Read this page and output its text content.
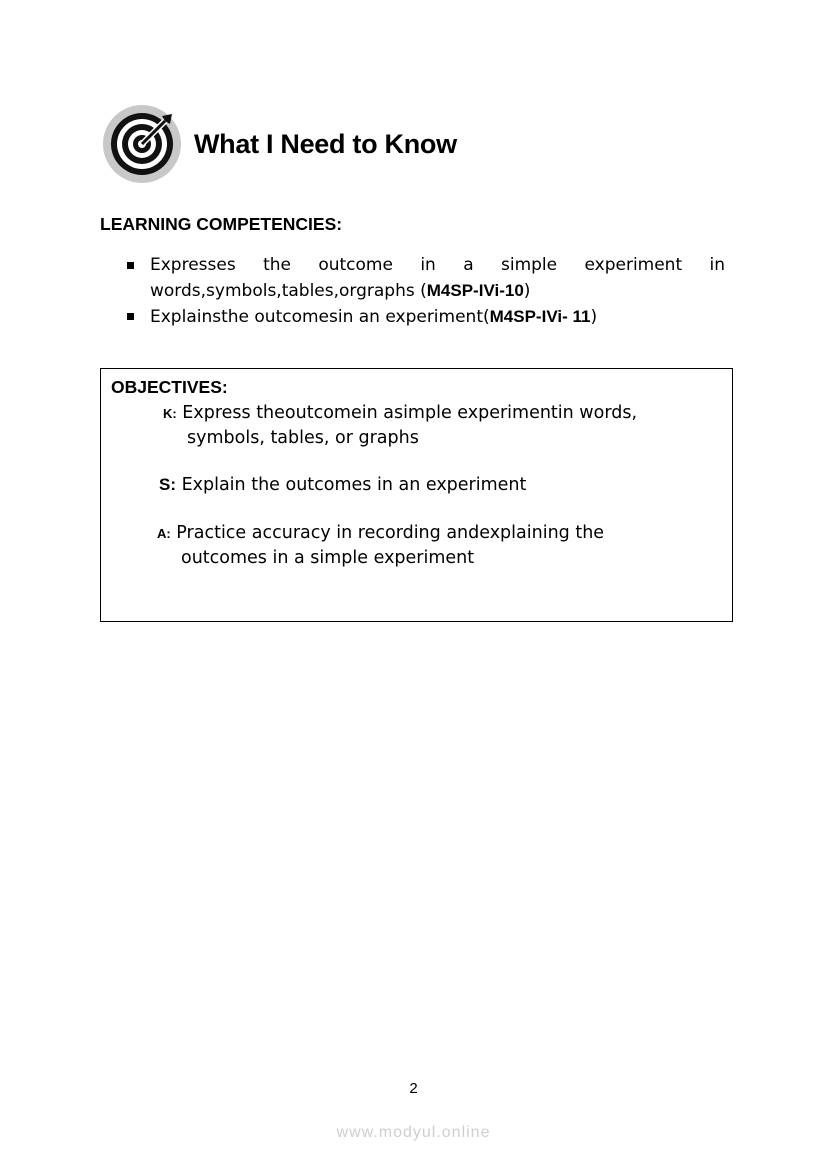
What I Need to Know
LEARNING COMPETENCIES:
Expresses the outcome in a simple experiment in
words,symbols,tables,orgraphs (M4SP-IVi-10)
Explainsthe outcomesin an experiment(M4SP-IVi- 11)
OBJECTIVES:
K: Express theoutcomein asimple experimentin words,
symbols, tables, or graphs
S: Explain the outcomes in an experiment
A: Practice accuracy in recording andexplaining the
outcomes in a simple experiment
2
www.modyul.online
